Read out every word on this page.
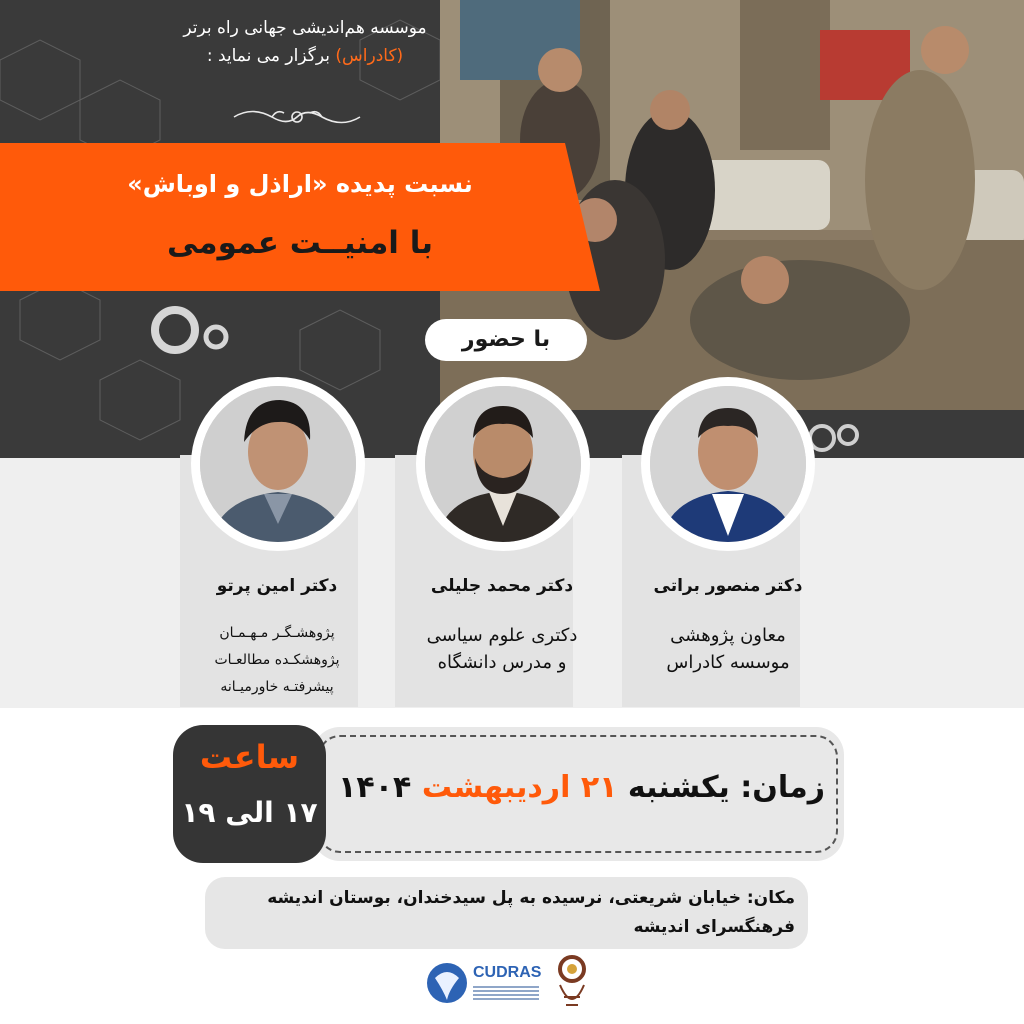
موسسه هم‌اندیشی جهانی راه برتر
(کادراس) برگزار می نماید :
نسبت پدیده «اراذل و اوباش»
با امنیــت عمومی
با حضور
دکتر منصور براتی
دکتر محمد جلیلی
دکتر امین پرتو
معاون پژوهشی
موسسه کادراس
دکتری علوم سیاسی
و مدرس دانشگاه
پژوهشـگـر مـهـمـان
پژوهشکـده مطالعـات
پیشرفتـه خاورمیـانه
زمان: یکشنبه ۲۱ اردیبهشت ۱۴۰۴
ساعت
۱۷ الی ۱۹
مکان: خیابان شریعتی، نرسیده به پل سیدخندان، بوستان اندیشه
فرهنگسرای اندیشه
CUDRAS
